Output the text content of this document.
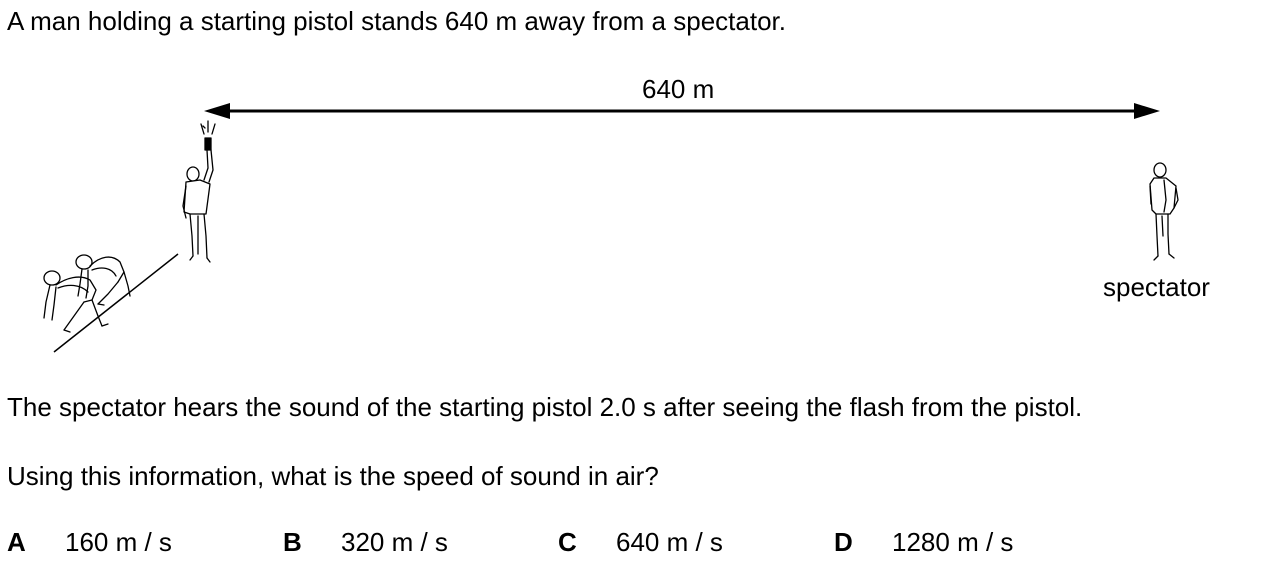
A man holding a starting pistol stands 640 m away from a spectator.
640 m
spectator
The spectator hears the sound of the starting pistol 2.0 s after seeing the flash from the pistol.
Using this information, what is the speed of sound in air?
A 160 m / s	B 320 m / s	C 640 m / s	D 1280 m / s
